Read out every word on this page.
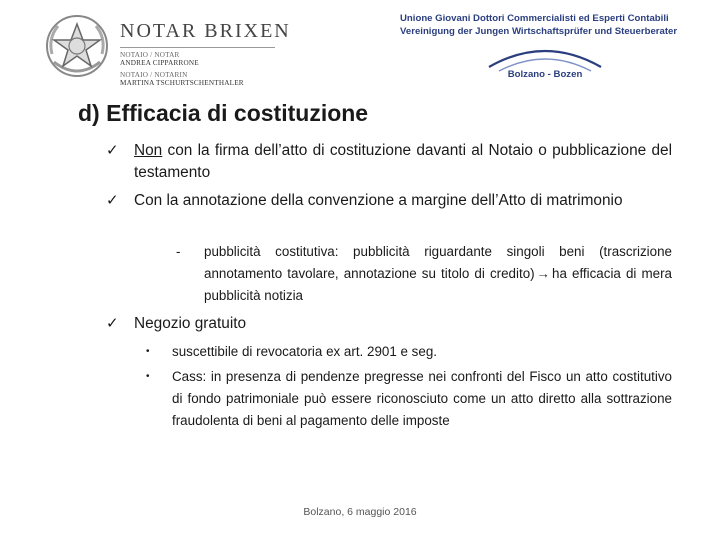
NOTAR BRIXEN
NOTAIO / NOTAR
ANDREA CIPPARRONE
NOTAIO / NOTARIN
MARTINA TSCHURTSCHENTHALER
Unione Giovani Dottori Commercialisti ed Esperti Contabili
Vereinigung der Jungen Wirtschaftsprüfer und Steuerberater
Bolzano - Bozen
d) Efficacia di costituzione
✓ Non con la firma dell’atto di costituzione davanti al Notaio o pubblicazione del testamento
✓ Con la annotazione della convenzione a margine dell’Atto di matrimonio
- pubblicità costitutiva: pubblicità riguardante singoli beni (trascrizione annotamento tavolare, annotazione su titolo di credito) → ha efficacia di mera pubblicità notizia
✓ Negozio gratuito
• suscettibile di revocatoria ex art. 2901 e seg.
• Cass: in presenza di pendenze pregresse nei confronti del Fisco un atto costitutivo di fondo patrimoniale può essere riconosciuto come un atto diretto alla sottrazione fraudolenta di beni al pagamento delle imposte
Bolzano, 6 maggio 2016
